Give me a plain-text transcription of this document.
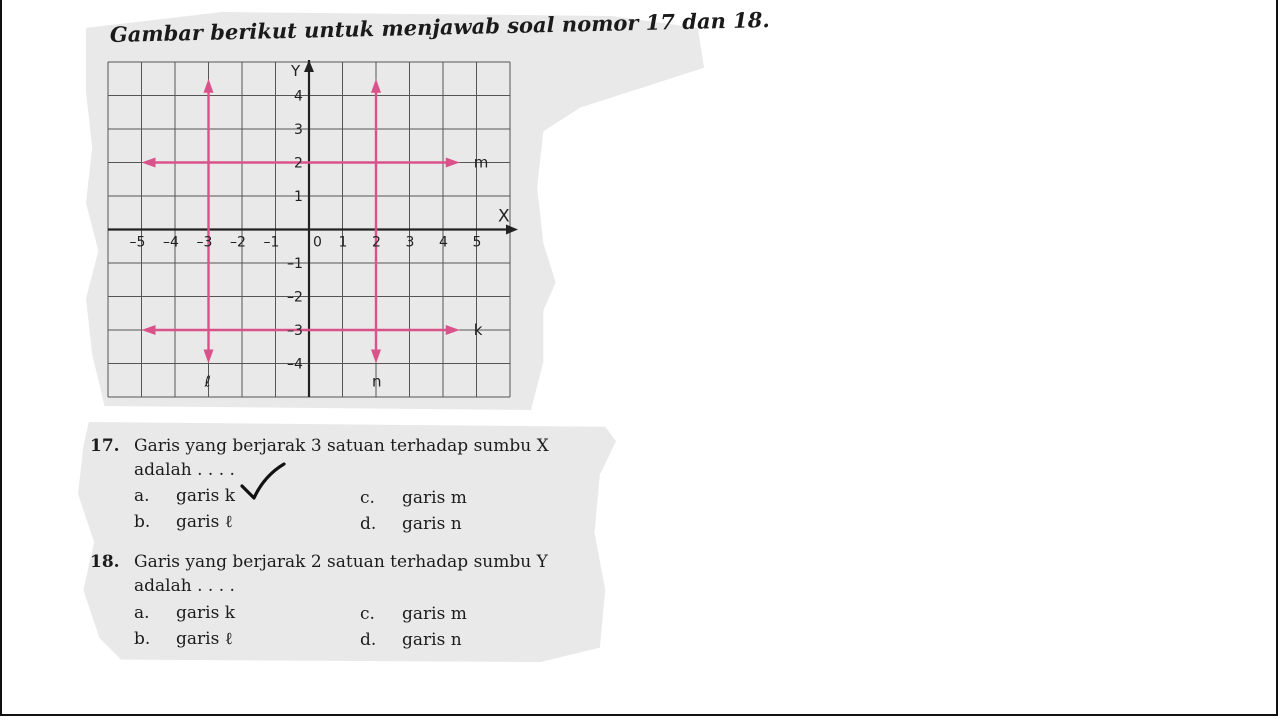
Gambar berikut untuk menjawab soal nomor 17 dan 18.
m
k
ℓ	n
X
Y
–5 –4 –3 –2 –1 0 1 2 3 4 5
1
2
3
4
–1
–2
–3
–4
17. Garis yang berjarak 3 satuan terhadap sumbu X
adalah . . . .
a. garis k
b. garis ℓ
c. garis m
d. garis n
18. Garis yang berjarak 2 satuan terhadap sumbu Y
adalah . . . .
a. garis k
b. garis ℓ
c. garis m
d. garis n
